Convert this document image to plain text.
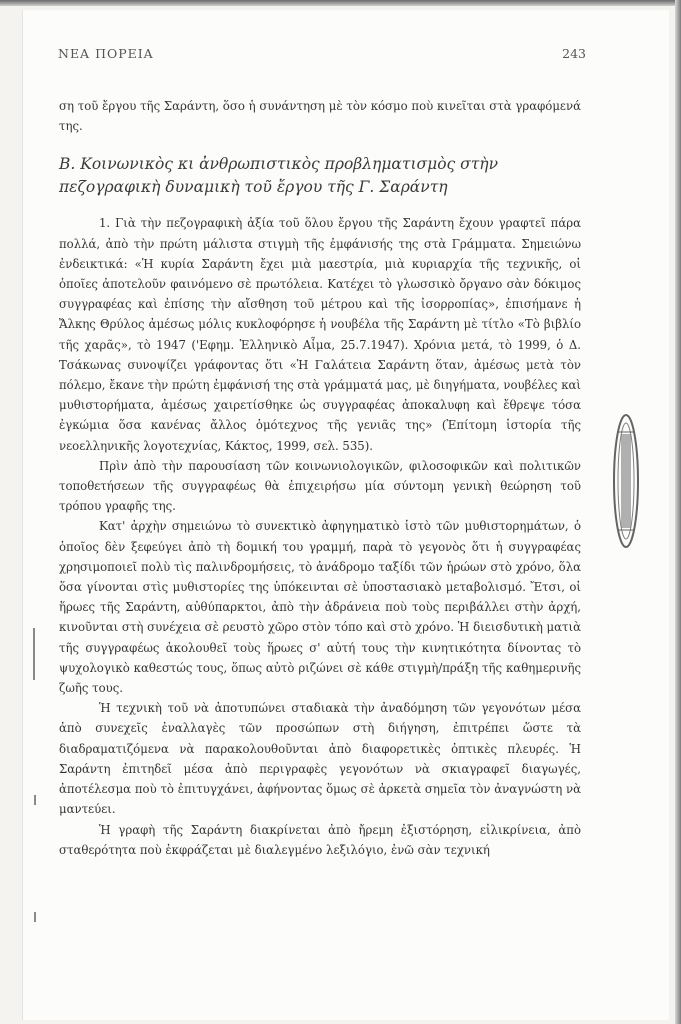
ΝΕΑ ΠΟΡΕΙΑ	243

ση τοῦ ἔργου τῆς Σαράντη, ὅσο ἡ συνάντηση μὲ τὸν κόσμο ποὺ κινεῖται στὰ γραφόμενά της.

Β. Κοινωνικὸς κι ἀνθρωπιστικὸς προβληματισμὸς στὴν πεζογραφικὴ δυναμικὴ τοῦ ἔργου τῆς Γ. Σαράντη

1. Γιὰ τὴν πεζογραφικὴ ἀξία τοῦ ὅλου ἔργου τῆς Σαράντη ἔχουν γραφτεῖ πάρα πολλά, ἀπὸ τὴν πρώτη μάλιστα στιγμὴ τῆς ἐμφάνισής της στὰ Γράμματα. Σημειώνω ἐνδεικτικά: «Ἡ κυρία Σαράντη ἔχει μιὰ μαεστρία, μιὰ κυριαρχία τῆς τεχνικῆς, οἱ ὁποῖες ἀποτελοῦν φαινόμενο σὲ πρωτόλεια. Κατέχει τὸ γλωσσικὸ ὄργανο σὰν δόκιμος συγγραφέας καὶ ἐπίσης τὴν αἴσθηση τοῦ μέτρου καὶ τῆς ἰσορροπίας», ἐπισήμανε ἡ Ἄλκης Θρύλος ἀμέσως μόλις κυκλοφόρησε ἡ νουβέλα τῆς Σαράντη μὲ τίτλο «Τὸ βιβλίο τῆς χαρᾶς», τὸ 1947 ('Εφημ. Ἑλληνικὸ Αἷμα, 25.7.1947). Χρόνια μετά, τὸ 1999, ὁ Δ. Τσάκωνας συνοψίζει γράφοντας ὅτι «Ἡ Γαλάτεια Σαράντη ὅταν, ἀμέσως μετὰ τὸν πόλεμο, ἔκανε τὴν πρώτη ἐμφάνισή της στὰ γράμματά μας, μὲ διηγήματα, νουβέλες καὶ μυθιστορήματα, ἀμέσως χαιρετίσθηκε ὡς συγγραφέας ἀποκαλυφη καὶ ἔθρεψε τόσα ἐγκώμια ὅσα κανένας ἄλλος ὁμότεχνος τῆς γενιᾶς της» (Ἐπίτομη ἱστορία τῆς νεοελληνικῆς λογοτεχνίας, Κάκτος, 1999, σελ. 535).

Πρὶν ἀπὸ τὴν παρουσίαση τῶν κοινωνιολογικῶν, φιλοσοφικῶν καὶ πολιτικῶν τοποθετήσεων τῆς συγγραφέως θὰ ἐπιχειρήσω μία σύντομη γενικὴ θεώρηση τοῦ τρόπου γραφῆς της.

Κατ' ἀρχὴν σημειώνω τὸ συνεκτικὸ ἀφηγηματικὸ ἱστὸ τῶν μυθιστορημάτων, ὁ ὁποῖος δὲν ξεφεύγει ἀπὸ τὴ δομική του γραμμή, παρὰ τὸ γεγονὸς ὅτι ἡ συγγραφέας χρησιμοποιεῖ πολὺ τὶς παλινδρομήσεις, τὸ ἀνάδρομο ταξίδι τῶν ἡρώων στὸ χρόνο, ὅλα ὅσα γίνονται στὶς μυθιστορίες της ὑπόκεινται σὲ ὑποστασιακὸ μεταβολισμό. Ἔτσι, οἱ ἥρωες τῆς Σαράντη, αὐθύπαρκτοι, ἀπὸ τὴν ἀδράνεια ποὺ τοὺς περιβάλλει στὴν ἀρχή, κινοῦνται στὴ συνέχεια σὲ ρευστὸ χῶρο στὸν τόπο καὶ στὸ χρόνο. Ἡ διεισδυτικὴ ματιὰ τῆς συγγραφέως ἀκολουθεῖ τοὺς ἥρωες σ' αὐτή τους τὴν κινητικότητα δίνοντας τὸ ψυχολογικὸ καθεστώς τους, ὅπως αὐτὸ ριζώνει σὲ κάθε στιγμὴ/πράξη τῆς καθημερινῆς ζωῆς τους.

Ἡ τεχνικὴ τοῦ νὰ ἀποτυπώνει σταδιακὰ τὴν ἀναδόμηση τῶν γεγονότων μέσα ἀπὸ συνεχεῖς ἐναλλαγὲς τῶν προσώπων στὴ διήγηση, ἐπιτρέπει ὥστε τὰ διαδραματιζόμενα νὰ παρακολουθοῦνται ἀπὸ διαφορετικὲς ὀπτικὲς πλευρές. Ἡ Σαράντη ἐπιτηδεῖ μέσα ἀπὸ περιγραφὲς γεγονότων νὰ σκιαγραφεῖ διαγωγές, ἀποτέλεσμα ποὺ τὸ ἐπιτυγχάνει, ἀφήνοντας ὅμως σὲ ἀρκετὰ σημεῖα τὸν ἀναγνώστη νὰ μαντεύει.

Ἡ γραφὴ τῆς Σαράντη διακρίνεται ἀπὸ ἤρεμη ἐξιστόρηση, εἰλικρίνεια, ἀπὸ σταθερότητα ποὺ ἐκφράζεται μὲ διαλεγμένο λεξιλόγιο, ἐνῶ σὰν τεχνική
